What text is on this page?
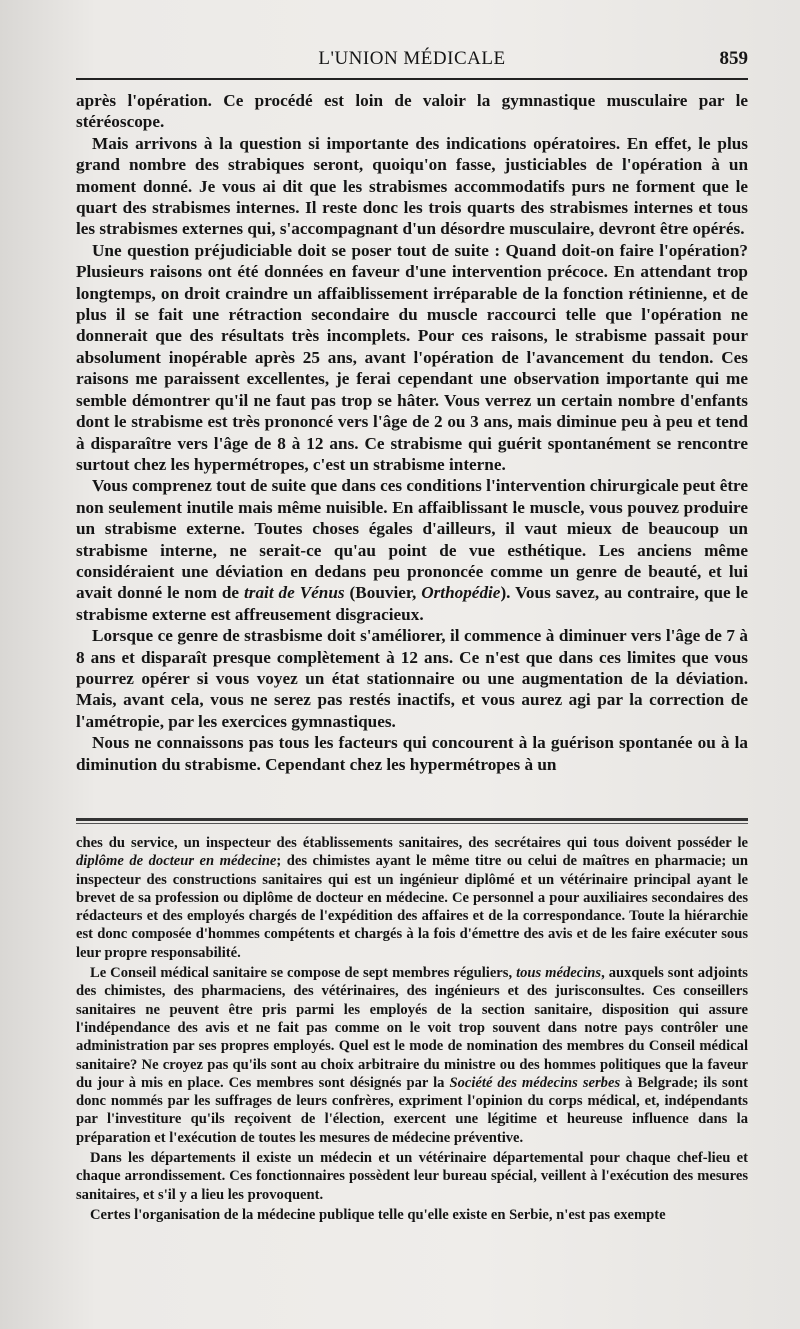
L'UNION MÉDICALE	859

après l'opération. Ce procédé est loin de valoir la gymnastique musculaire par le stéréoscope.

Mais arrivons à la question si importante des indications opératoires. En effet, le plus grand nombre des strabiques seront, quoiqu'on fasse, justiciables de l'opération à un moment donné. Je vous ai dit que les strabismes accommodatifs purs ne forment que le quart des strabismes internes. Il reste donc les trois quarts des strabismes internes et tous les strabismes externes qui, s'accompagnant d'un désordre musculaire, devront être opérés.

Une question préjudiciable doit se poser tout de suite : Quand doit-on faire l'opération? Plusieurs raisons ont été données en faveur d'une intervention précoce. En attendant trop longtemps, on droit craindre un affaiblissement irréparable de la fonction rétinienne, et de plus il se fait une rétraction secondaire du muscle raccourci telle que l'opération ne donnerait que des résultats très incomplets. Pour ces raisons, le strabisme passait pour absolument inopérable après 25 ans, avant l'opération de l'avancement du tendon. Ces raisons me paraissent excellentes, je ferai cependant une observation importante qui me semble démontrer qu'il ne faut pas trop se hâter. Vous verrez un certain nombre d'enfants dont le strabisme est très prononcé vers l'âge de 2 ou 3 ans, mais diminue peu à peu et tend à disparaître vers l'âge de 8 à 12 ans. Ce strabisme qui guérit spontanément se rencontre surtout chez les hypermétropes, c'est un strabisme interne.

Vous comprenez tout de suite que dans ces conditions l'intervention chirurgicale peut être non seulement inutile mais même nuisible. En affaiblissant le muscle, vous pouvez produire un strabisme externe. Toutes choses égales d'ailleurs, il vaut mieux de beaucoup un strabisme interne, ne serait-ce qu'au point de vue esthétique. Les anciens même considéraient une déviation en dedans peu prononcée comme un genre de beauté, et lui avait donné le nom de trait de Vénus (Bouvier, Orthopédie). Vous savez, au contraire, que le strabisme externe est affreusement disgracieux.

Lorsque ce genre de strasbisme doit s'améliorer, il commence à diminuer vers l'âge de 7 à 8 ans et disparaît presque complètement à 12 ans. Ce n'est que dans ces limites que vous pourrez opérer si vous voyez un état stationnaire ou une augmentation de la déviation. Mais, avant cela, vous ne serez pas restés inactifs, et vous aurez agi par la correction de l'amétropie, par les exercices gymnastiques.

Nous ne connaissons pas tous les facteurs qui concourent à la guérison spontanée ou à la diminution du strabisme. Cependant chez les hypermétropes à un

ches du service, un inspecteur des établissements sanitaires, des secrétaires qui tous doivent posséder le diplôme de docteur en médecine; des chimistes ayant le même titre ou celui de maîtres en pharmacie; un inspecteur des constructions sanitaires qui est un ingénieur diplômé et un vétérinaire principal ayant le brevet de sa profession ou diplôme de docteur en médecine. Ce personnel a pour auxiliaires secondaires des rédacteurs et des employés chargés de l'expédition des affaires et de la correspondance. Toute la hiérarchie est donc composée d'hommes compétents et chargés à la fois d'émettre des avis et de les faire exécuter sous leur propre responsabilité.

Le Conseil médical sanitaire se compose de sept membres réguliers, tous médecins, auxquels sont adjoints des chimistes, des pharmaciens, des vétérinaires, des ingénieurs et des jurisconsultes. Ces conseillers sanitaires ne peuvent être pris parmi les employés de la section sanitaire, disposition qui assure l'indépendance des avis et ne fait pas comme on le voit trop souvent dans notre pays contrôler une administration par ses propres employés. Quel est le mode de nomination des membres du Conseil médical sanitaire? Ne croyez pas qu'ils sont au choix arbitraire du ministre ou des hommes politiques que la faveur du jour à mis en place. Ces membres sont désignés par la Société des médecins serbes à Belgrade; ils sont donc nommés par les suffrages de leurs confrères, expriment l'opinion du corps médical, et, indépendants par l'investiture qu'ils reçoivent de l'élection, exercent une légitime et heureuse influence dans la préparation et l'exécution de toutes les mesures de médecine préventive.

Dans les départements il existe un médecin et un vétérinaire départemental pour chaque chef-lieu et chaque arrondissement. Ces fonctionnaires possèdent leur bureau spécial, veillent à l'exécution des mesures sanitaires, et s'il y a lieu les provoquent.

Certes l'organisation de la médecine publique telle qu'elle existe en Serbie, n'est pas exempte
